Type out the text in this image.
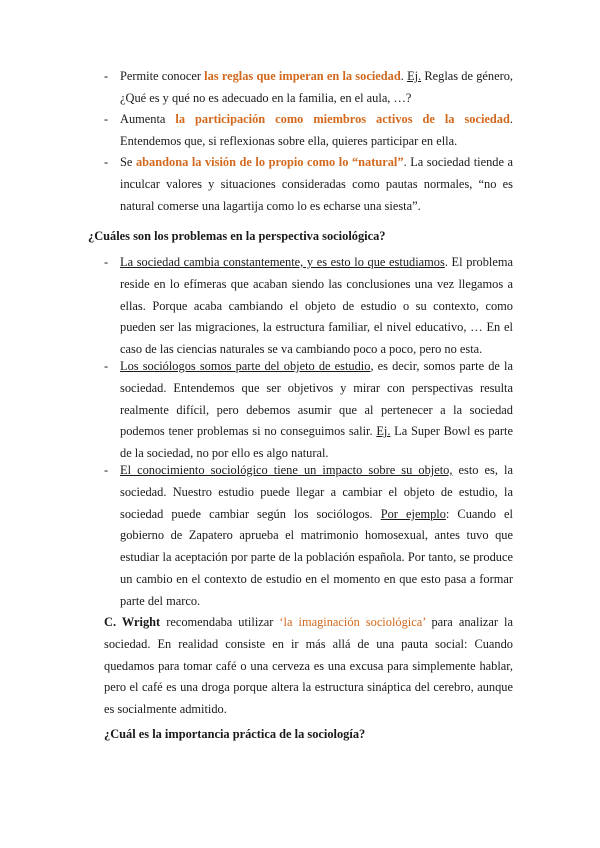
- Permite conocer las reglas que imperan en la sociedad. Ej. Reglas de género, ¿Qué es y qué no es adecuado en la familia, en el aula, …?
- Aumenta la participación como miembros activos de la sociedad. Entendemos que, si reflexionas sobre ella, quieres participar en ella.
- Se abandona la visión de lo propio como lo “natural”. La sociedad tiende a inculcar valores y situaciones consideradas como pautas normales, “no es natural comerse una lagartija como lo es echarse una siesta”.
¿Cuáles son los problemas en la perspectiva sociológica?
- La sociedad cambia constantemente, y es esto lo que estudiamos. El problema reside en lo efímeras que acaban siendo las conclusiones una vez llegamos a ellas. Porque acaba cambiando el objeto de estudio o su contexto, como pueden ser las migraciones, la estructura familiar, el nivel educativo, … En el caso de las ciencias naturales se va cambiando poco a poco, pero no esta.
- Los sociólogos somos parte del objeto de estudio, es decir, somos parte de la sociedad. Entendemos que ser objetivos y mirar con perspectivas resulta realmente difícil, pero debemos asumir que al pertenecer a la sociedad podemos tener problemas si no conseguimos salir. Ej. La Super Bowl es parte de la sociedad, no por ello es algo natural.
- El conocimiento sociológico tiene un impacto sobre su objeto, esto es, la sociedad. Nuestro estudio puede llegar a cambiar el objeto de estudio, la sociedad puede cambiar según los sociólogos. Por ejemplo: Cuando el gobierno de Zapatero aprueba el matrimonio homosexual, antes tuvo que estudiar la aceptación por parte de la población española. Por tanto, se produce un cambio en el contexto de estudio en el momento en que esto pasa a formar parte del marco.
C. Wright recomendaba utilizar ‘la imaginación sociológica’ para analizar la sociedad. En realidad consiste en ir más allá de una pauta social: Cuando quedamos para tomar café o una cerveza es una excusa para simplemente hablar, pero el café es una droga porque altera la estructura sináptica del cerebro, aunque es socialmente admitido.
¿Cuál es la importancia práctica de la sociología?
